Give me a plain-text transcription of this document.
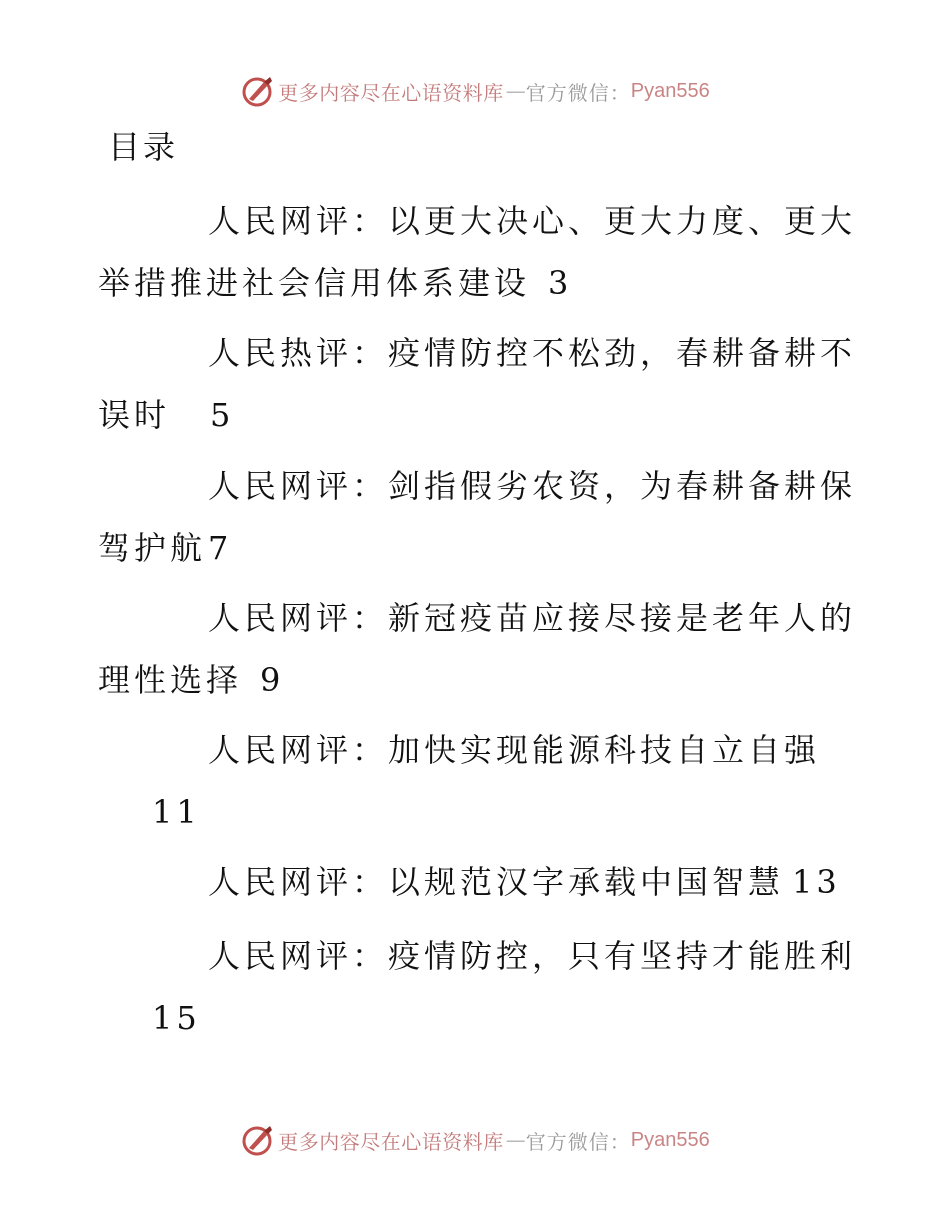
更多内容尽在心语资料库 — 官方微信： Pyan556
目录
人民网评：以更大决心、更大力度、更大
举措推进社会信用体系建设 3
人民热评：疫情防控不松劲，春耕备耕不
误时 5
人民网评：剑指假劣农资，为春耕备耕保
驾护航7
人民网评：新冠疫苗应接尽接是老年人的
理性选择 9
人民网评：加快实现能源科技自立自强
11
人民网评：以规范汉字承载中国智慧 13
人民网评：疫情防控，只有坚持才能胜利
15
更多内容尽在心语资料库 — 官方微信： Pyan556
